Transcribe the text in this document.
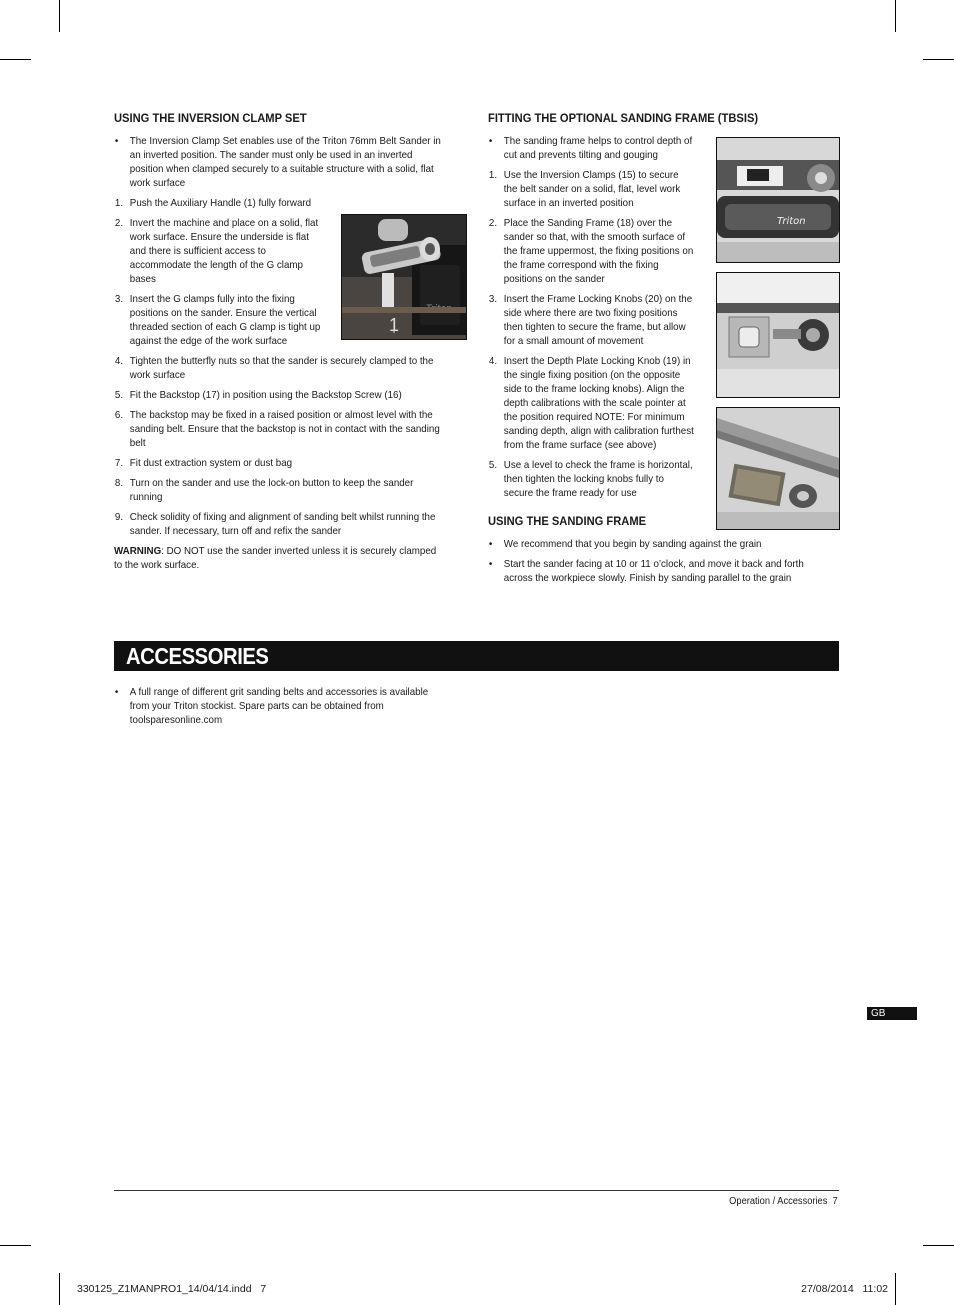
USING THE INVERSION CLAMP SET
• The Inversion Clamp Set enables use of the Triton 76mm Belt Sander in an inverted position. The sander must only be used in an inverted position when clamped securely to a suitable structure with a solid, flat work surface
1. Push the Auxiliary Handle (1) fully forward
2. Invert the machine and place on a solid, flat work surface. Ensure the underside is flat and there is sufficient access to accommodate the length of the G clamp bases
3. Insert the G clamps fully into the fixing positions on the sander. Ensure the vertical threaded section of each G clamp is tight up against the edge of the work surface
4. Tighten the butterfly nuts so that the sander is securely clamped to the work surface
5. Fit the Backstop (17) in position using the Backstop Screw (16)
6. The backstop may be fixed in a raised position or almost level with the sanding belt. Ensure that the backstop is not in contact with the sanding belt
7. Fit dust extraction system or dust bag
8. Turn on the sander and use the lock-on button to keep the sander running
9. Check solidity of fixing and alignment of sanding belt whilst running the sander. If necessary, turn off and refix the sander
WARNING: DO NOT use the sander inverted unless it is securely clamped to the work surface.
1
FITTING THE OPTIONAL SANDING FRAME (TBSIS)
• The sanding frame helps to control depth of cut and prevents tilting and gouging
1. Use the Inversion Clamps (15) to secure the belt sander on a solid, flat, level work surface in an inverted position
2. Place the Sanding Frame (18) over the sander so that, with the smooth surface of the frame uppermost, the fixing positions on the frame correspond with the fixing positions on the sander
3. Insert the Frame Locking Knobs (20) on the side where there are two fixing positions then tighten to secure the frame, but allow for a small amount of movement
4. Insert the Depth Plate Locking Knob (19) in the single fixing position (on the opposite side to the frame locking knobs). Align the depth calibrations with the scale pointer at the position required NOTE: For minimum sanding depth, align with calibration furthest from the frame surface (see above)
5. Use a level to check the frame is horizontal, then tighten the locking knobs fully to secure the frame ready for use
USING THE SANDING FRAME
• We recommend that you begin by sanding against the grain
• Start the sander facing at 10 or 11 o’clock, and move it back and forth across the workpiece slowly. Finish by sanding parallel to the grain
Triton
ACCESSORIES
• A full range of different grit sanding belts and accessories is available from your Triton stockist. Spare parts can be obtained from toolsparesonline.com
GB
Operation / Accessories 7
330125_Z1MANPRO1_14/04/14.indd 7	27/08/2014 11:02
